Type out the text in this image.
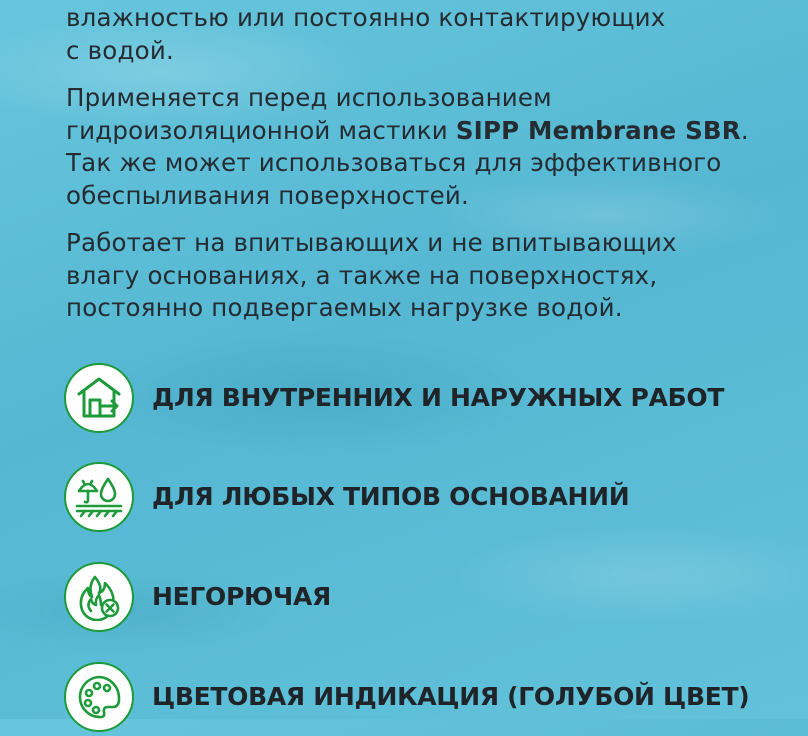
влажностью или постоянно контактирующих
с водой.
Применяется перед использованием
гидроизоляционной мастики SIPP Membrane SBR.
Так же может использоваться для эффективного
обеспыливания поверхностей.
Работает на впитывающих и не впитывающих
влагу основаниях, а также на поверхностях,
постоянно подвергаемых нагрузке водой.
ДЛЯ ВНУТРЕННИХ И НАРУЖНЫХ РАБОТ
ДЛЯ ЛЮБЫХ ТИПОВ ОСНОВАНИЙ
НЕГОРЮЧАЯ
ЦВЕТОВАЯ ИНДИКАЦИЯ (ГОЛУБОЙ ЦВЕТ)
